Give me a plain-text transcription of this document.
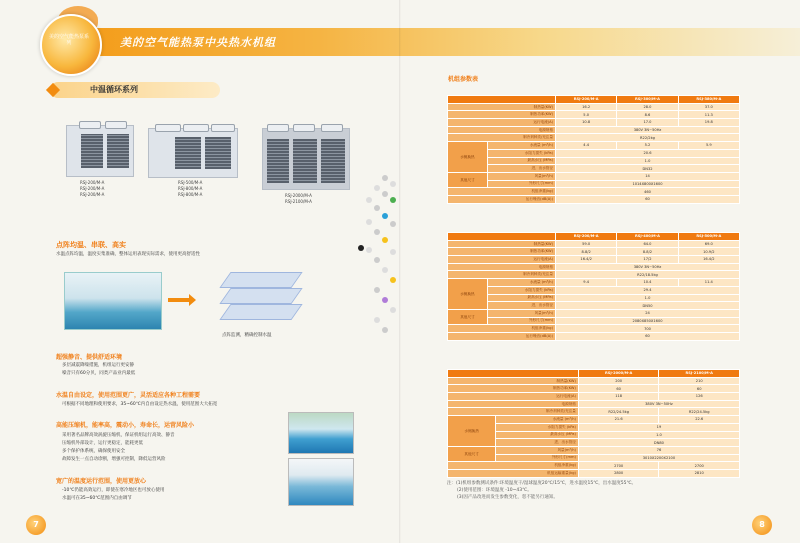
美的空气能热泵系列	美的空气能热泵中央热水机组
中温循环系列
RSJ-200/M-A
RSJ-200/M-A
RSJ-200/M-A
RSJ-500/M-A
RSJ-800/M-A
RSJ-800/M-A	RSJ-2000/M-A
RSJ-2100/M-A
点阵均温、串联、高实
水温点阵均温，温度实集准确，整体运用表现实际需求，使用更高舒适性
点阵监测，精确控制水温
超强静音、提供舒适环境
多层减震降噪措施，机组运行更安静
噪音只有60分贝，同类产品业内最低
水温自由设定，使用范围更广，灵活适应各种工程需要
可根据不同地理和使用要求，35~60℃内自由设定热水温，使用范围大大拓宽
高能压缩机，能率高，震动小，寿命长，运营风险小
采用著名品牌高效涡旋压缩机，保证机组运行高效、静音
压缩机外部设计，运行更稳定，能耗更低
多个保护体系统，确保使用安全
故障发生一点自动诊断，增强可控制，降低运营风险
宽广的温度运行范围，使用更放心
-10℃仍能高效运行，即使在寒冷地区也可放心使用
水温可在35~60℃范围内自由调节
7
机组参数表
		RSJ-200/M-A	RSJ-300/M-A	RSJ-380/M-A
制热量(KW)		16.2	28.0	37.0
制热功率(KW)		5.0	8.6	11.3
运行电流(A)		10.8	17.0	19.8
电源规格		380V 3N~50Hz		
制冷剂种类/充注量		R22/2kg		
水侧换热	水流量 (m³/h)	4.4	5.2	5.9
	水阻力损失 (kPa)	20.6		
	最高水压 (MPa)	1.0		
	进、出水管径	DN32		
其他尺寸	风量(m³/h)	14		
	外形尺寸(mm)	1014X800X1600		
机组净重(kg)		460		
运行噪音(dB(A))		60		
		RSJ-200/M-A	RSJ-400/M-A	RSJ-500/M-A
制热量(KW)		59.0	64.0	69.0
制热功率(KW)		8.8/2	8.8/2	10.9/2
运行电流(A)		16.4/2	17/2	16.4/2
电源规格		380V 3N~50Hz		
制冷剂种类/充注量		R22/18.5kg		
水侧换热	水流量 (m³/h)	9.4	10.4	11.4
	水阻力损失 (kPa)	29.4		
	最高水压 (MPa)	1.0		
	进、出水管径	DN50		
其他尺寸	风量(m³/h)	24		
	外形尺寸(mm)	2080X850X1600		
机组净重(kg)		700		
运行噪音(dB(A))		60		
		RSJ-2000/M-A	RSJ-2100/M-A
制热量(KW)		200	210
制热功率(KW)		60	60
运行电流(A)		118	126
电源规格		380V 3N~50Hz	
制冷剂种类/充注量		R22/24.5kg	R22/24.5kg
水侧换热	水流量 (m³/h)	21.6	22.6
	水阻力损失 (kPa)	19	
	最高水压 (MPa)	1.0	
	进、出水管径	DN80	
其他尺寸	风量(m³/h)	76	
	外形尺寸(mm)	3010X2200X2100	
机组净重(kg)		2700	2700
机组运输重量(kg)		2800	2810
注：(1)机组参数测试条件:环境温度干/湿球温度20℃/15℃，进水温度15℃，出水温度55℃。
(2)使用范围：环境温度 -10~43℃。
(3)因产品改进而发生参数变化，恕不能另行通知。
8
